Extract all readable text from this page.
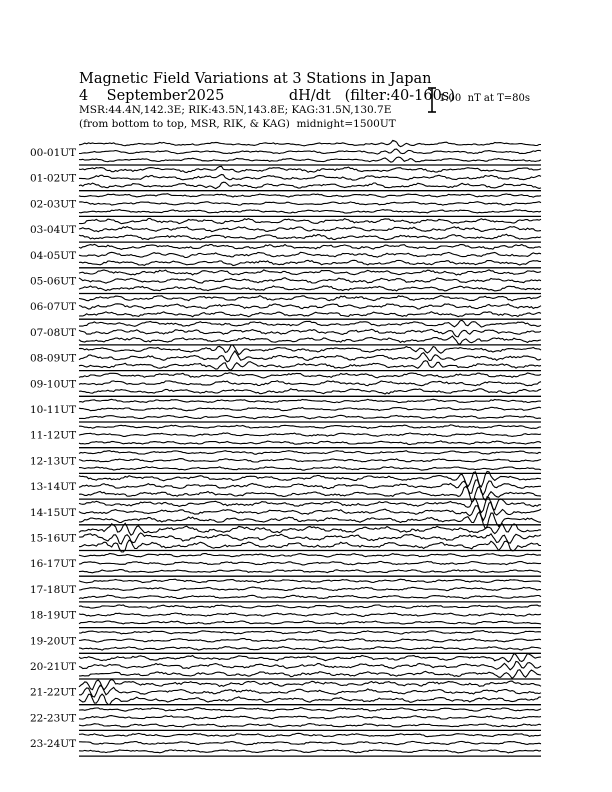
Magnetic Field Variations at 3 Stations in Japan
4    September2025              dH/dt   (filter:40-160s)
MSR:44.4N,142.3E; RIK:43.5N,143.8E; KAG:31.5N,130.7E
(from bottom to top, MSR, RIK, & KAG)  midnight=1500UT
1.00  nT at T=80s
00-01UT
01-02UT
02-03UT
03-04UT
04-05UT
05-06UT
06-07UT
07-08UT
08-09UT
09-10UT
10-11UT
11-12UT
12-13UT
13-14UT
14-15UT
15-16UT
16-17UT
17-18UT
18-19UT
19-20UT
20-21UT
21-22UT
22-23UT
23-24UT
